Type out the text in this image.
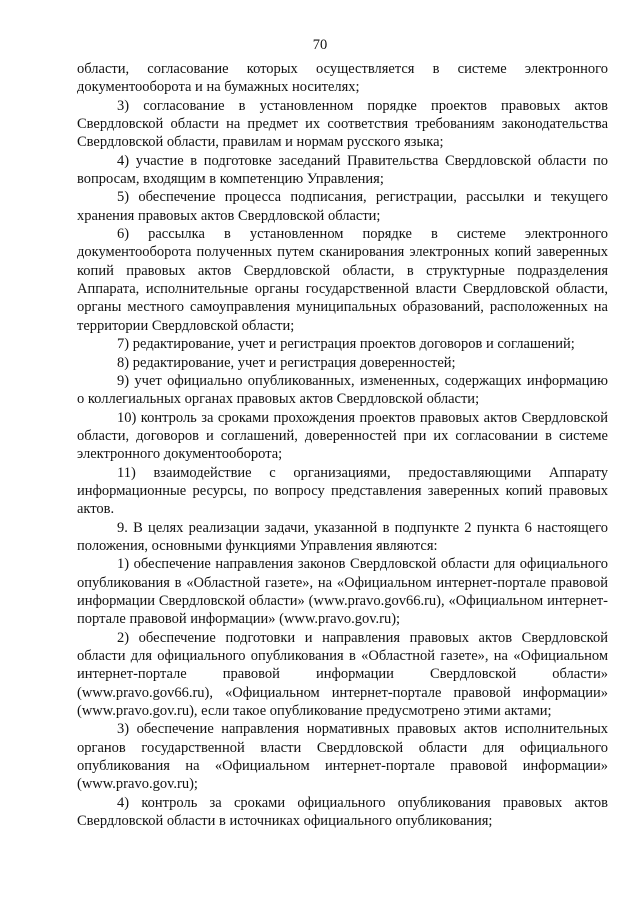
70

области, согласование которых осуществляется в системе электронного документооборота и на бумажных носителях;

3) согласование в установленном порядке проектов правовых актов Свердловской области на предмет их соответствия требованиям законодательства Свердловской области, правилам и нормам русского языка;

4) участие в подготовке заседаний Правительства Свердловской области по вопросам, входящим в компетенцию Управления;

5) обеспечение процесса подписания, регистрации, рассылки и текущего хранения правовых актов Свердловской области;

6) рассылка в установленном порядке в системе электронного документооборота полученных путем сканирования электронных копий заверенных копий правовых актов Свердловской области, в структурные подразделения Аппарата, исполнительные органы государственной власти Свердловской области, органы местного самоуправления муниципальных образований, расположенных на территории Свердловской области;

7) редактирование, учет и регистрация проектов договоров и соглашений;

8) редактирование, учет и регистрация доверенностей;

9) учет официально опубликованных, измененных, содержащих информацию о коллегиальных органах правовых актов Свердловской области;

10) контроль за сроками прохождения проектов правовых актов Свердловской области, договоров и соглашений, доверенностей при их согласовании в системе электронного документооборота;

11) взаимодействие с организациями, предоставляющими Аппарату информационные ресурсы, по вопросу представления заверенных копий правовых актов.

9. В целях реализации задачи, указанной в подпункте 2 пункта 6 настоящего положения, основными функциями Управления являются:

1) обеспечение направления законов Свердловской области для официального опубликования в «Областной газете», на «Официальном интернет-портале правовой информации Свердловской области» (www.pravo.gov66.ru), «Официальном интернет-портале правовой информации» (www.pravo.gov.ru);

2) обеспечение подготовки и направления правовых актов Свердловской области для официального опубликования в «Областной газете», на «Официальном интернет-портале правовой информации Свердловской области» (www.pravo.gov66.ru), «Официальном интернет-портале правовой информации» (www.pravo.gov.ru), если такое опубликование предусмотрено этими актами;

3) обеспечение направления нормативных правовых актов исполнительных органов государственной власти Свердловской области для официального опубликования на «Официальном интернет-портале правовой информации» (www.pravo.gov.ru);

4) контроль за сроками официального опубликования правовых актов Свердловской области в источниках официального опубликования;
